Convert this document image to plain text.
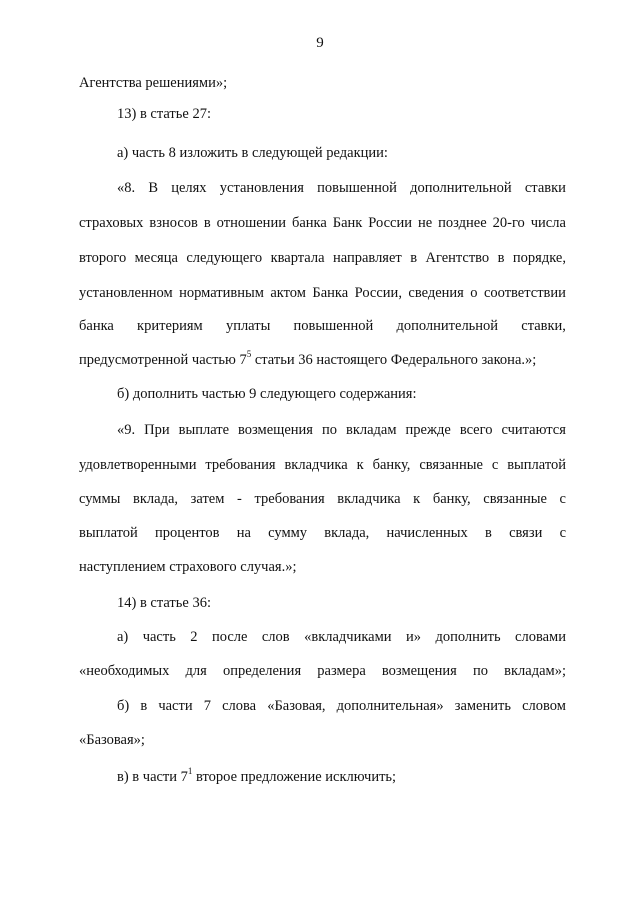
9
Агентства решениями»;
13) в статье 27:
а) часть 8 изложить в следующей редакции:
«8. В целях установления повышенной дополнительной ставки
страховых взносов в отношении банка Банк России не позднее 20-го числа
второго месяца следующего квартала направляет в Агентство в порядке,
установленном нормативным актом Банка России, сведения о соответствии
банка критериям уплаты повышенной дополнительной ставки,
предусмотренной частью $7^5$ статьи 36 настоящего Федерального закона.»;
б) дополнить частью 9 следующего содержания:
«9. При выплате возмещения по вкладам прежде всего считаются
удовлетворенными требования вкладчика к банку, связанные с выплатой
суммы вклада, затем - требования вкладчика к банку, связанные с
выплатой процентов на сумму вклада, начисленных в связи с
наступлением страхового случая.»;
14) в статье 36:
а) часть 2 после слов «вкладчиками и» дополнить словами
«необходимых для определения размера возмещения по вкладам»;
б) в части 7 слова «Базовая, дополнительная» заменить словом
«Базовая»;
в) в части $7^1$ второе предложение исключить;
